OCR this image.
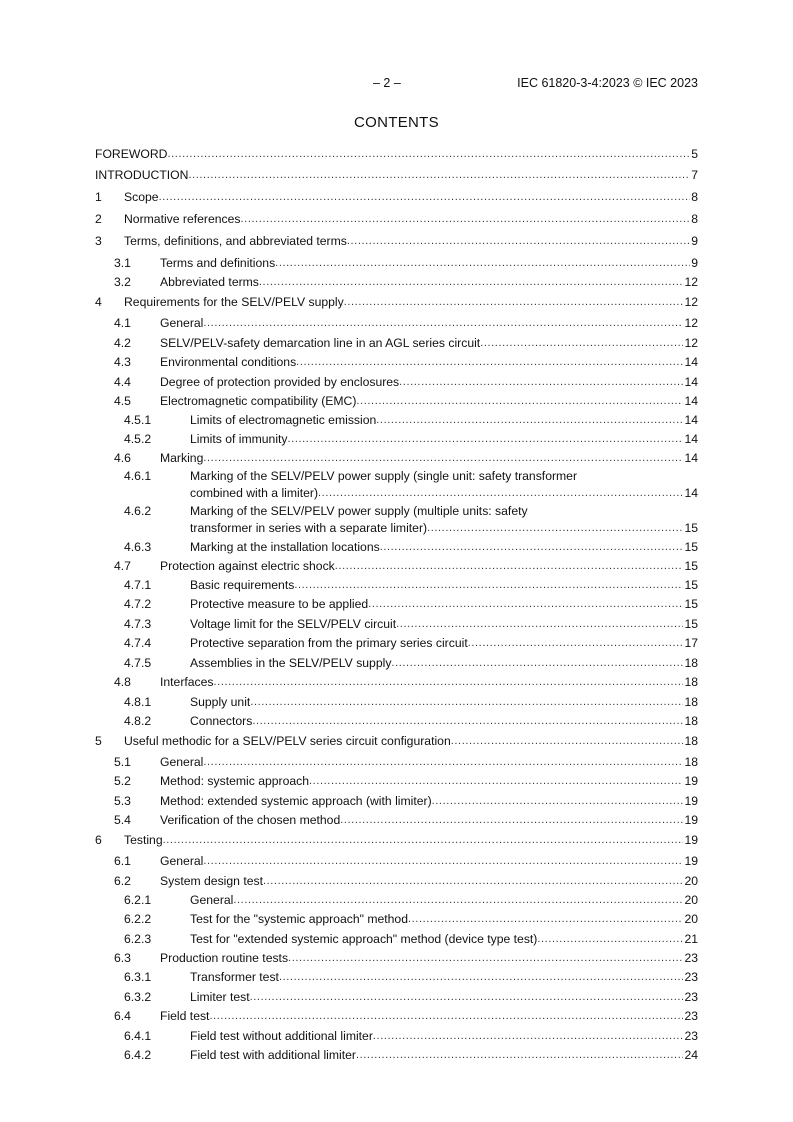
– 2 –	IEC 61820-3-4:2023 © IEC 2023
CONTENTS
FOREWORD .....	5
INTRODUCTION .....	7
1 Scope .....	8
2 Normative references .....	8
3 Terms, definitions, and abbreviated terms .....	9
3.1 Terms and definitions .....	9
3.2 Abbreviated terms .....	12
4 Requirements for the SELV/PELV supply .....	12
4.1 General .....	12
4.2 SELV/PELV-safety demarcation line in an AGL series circuit .....	12
4.3 Environmental conditions .....	14
4.4 Degree of protection provided by enclosures .....	14
4.5 Electromagnetic compatibility (EMC) .....	14
4.5.1	Limits of electromagnetic emission .....	14
4.5.2	Limits of immunity .....	14
4.6 Marking .....	14
4.6.1	Marking of the SELV/PELV power supply (single unit: safety transformer
combined with a limiter) .....	14
4.6.2	Marking of the SELV/PELV power supply (multiple units: safety
transformer in series with a separate limiter) .....	15
4.6.3	Marking at the installation locations .....	15
4.7 Protection against electric shock .....	15
4.7.1	Basic requirements .....	15
4.7.2	Protective measure to be applied .....	15
4.7.3	Voltage limit for the SELV/PELV circuit .....	15
4.7.4	Protective separation from the primary series circuit .....	17
4.7.5	Assemblies in the SELV/PELV supply .....	18
4.8 Interfaces .....	18
4.8.1	Supply unit .....	18
4.8.2	Connectors .....	18
5 Useful methodic for a SELV/PELV series circuit configuration .....	18
5.1 General .....	18
5.2 Method: systemic approach .....	19
5.3 Method: extended systemic approach (with limiter) .....	19
5.4 Verification of the chosen method .....	19
6 Testing .....	19
6.1 General .....	19
6.2 System design test .....	20
6.2.1	General .....	20
6.2.2	Test for the "systemic approach" method .....	20
6.2.3	Test for "extended systemic approach" method (device type test) .....	21
6.3 Production routine tests .....	23
6.3.1	Transformer test .....	23
6.3.2	Limiter test .....	23
6.4 Field test .....	23
6.4.1	Field test without additional limiter .....	23
6.4.2	Field test with additional limiter .....	24
